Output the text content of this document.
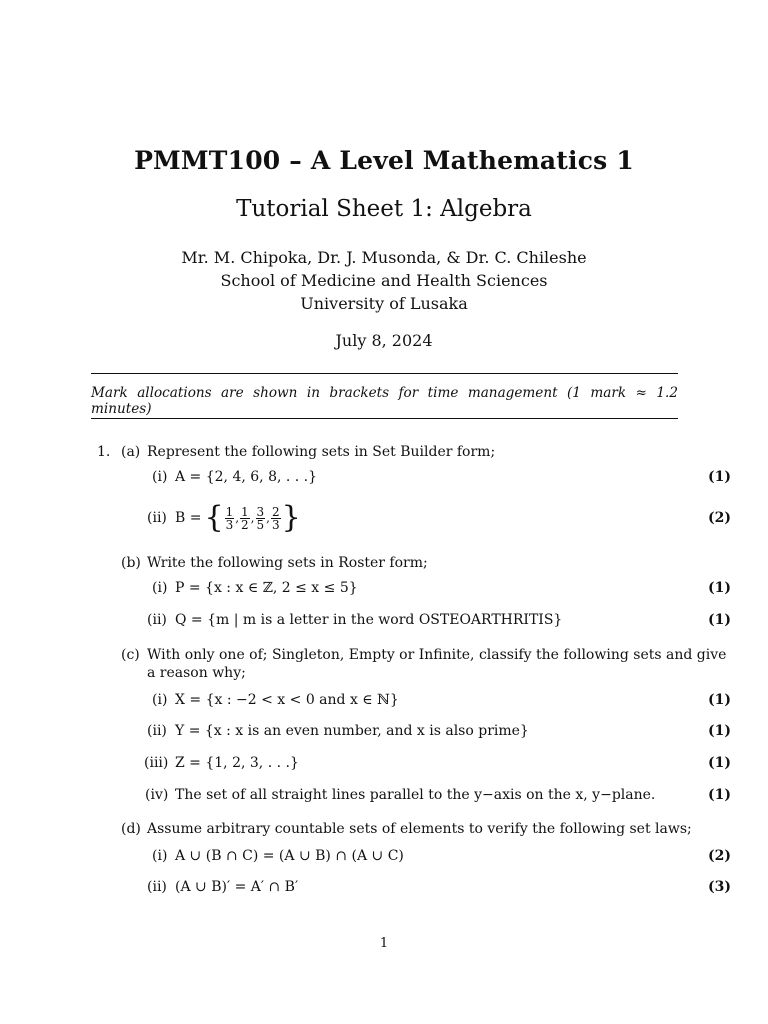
PMMT100 – A Level Mathematics 1
Tutorial Sheet 1: Algebra
Mr. M. Chipoka, Dr. J. Musonda, & Dr. C. Chileshe
School of Medicine and Health Sciences
University of Lusaka
July 8, 2024
Mark allocations are shown in brackets for time management (1 mark ≈ 1.2 minutes)
1. (a) Represent the following sets in Set Builder form;
(i) A = {2, 4, 6, 8, . . .}	(1)
(ii) B = { $\frac{1}{3}$ , $\frac{1}{2}$ , $\frac{3}{5}$ , $\frac{2}{3}$ }	(2)
(b) Write the following sets in Roster form;
(i) P = {x : x ∈ ℤ, 2 ≤ x ≤ 5}	(1)
(ii) Q = {m | m is a letter in the word OSTEOARTHRITIS}	(1)
(c) With only one of; Singleton, Empty or Infinite, classify the following sets and give
a reason why;
(i) X = {x : −2 < x < 0 and x ∈ ℕ}	(1)
(ii) Y = {x : x is an even number, and x is also prime}	(1)
(iii) Z = {1, 2, 3, . . .}	(1)
(iv) The set of all straight lines parallel to the y−axis on the x, y−plane.	(1)
(d) Assume arbitrary countable sets of elements to verify the following set laws;
(i) A ∪ (B ∩ C) = (A ∪ B) ∩ (A ∪ C)	(2)
(ii) (A ∪ B)′ = A′ ∩ B′	(3)
1
